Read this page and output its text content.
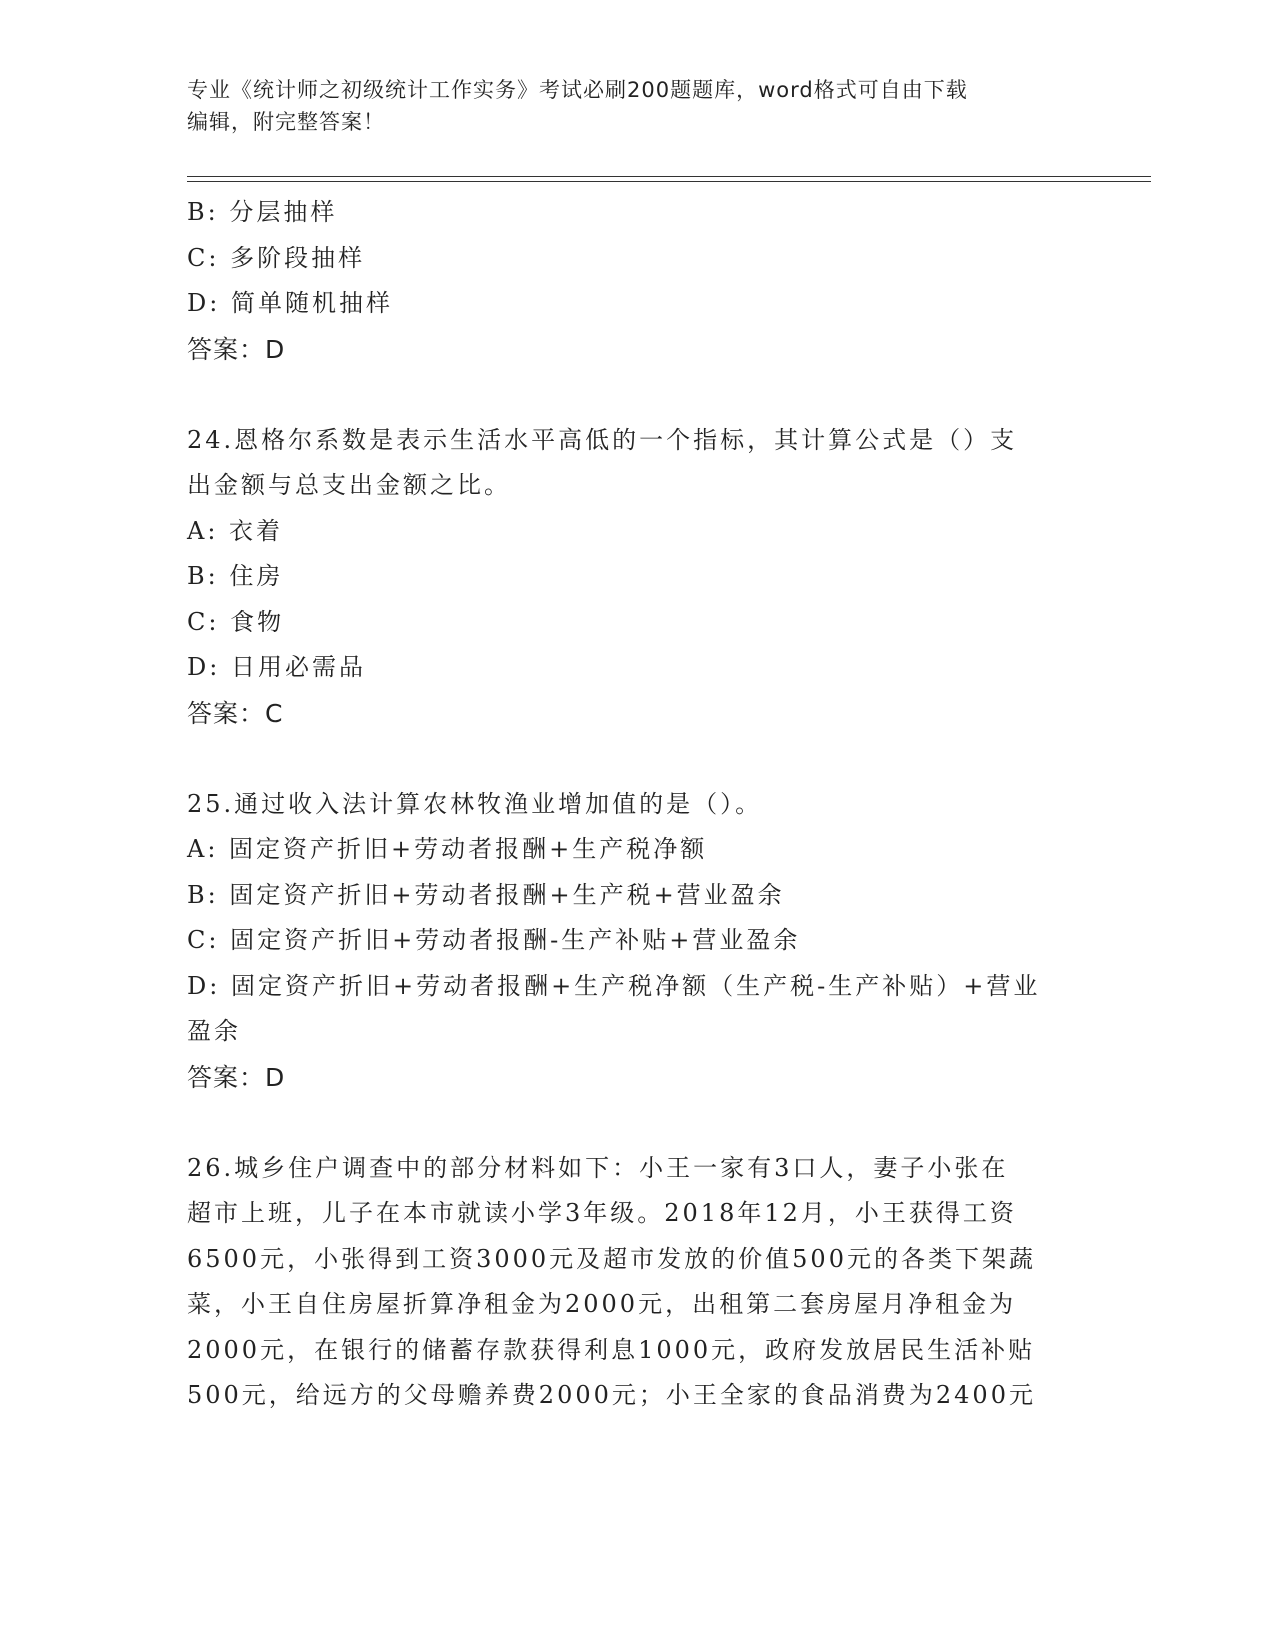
专业《统计师之初级统计工作实务》考试必刷200题题库，word格式可自由下载
编辑，附完整答案！
B: 分层抽样
C: 多阶段抽样
D: 简单随机抽样
答案：D
24.恩格尔系数是表示生活水平高低的一个指标，其计算公式是（）支
出金额与总支出金额之比。
A: 衣着
B: 住房
C: 食物
D: 日用必需品
答案：C
25.通过收入法计算农林牧渔业增加值的是（）。
A: 固定资产折旧+劳动者报酬+生产税净额
B: 固定资产折旧+劳动者报酬+生产税+营业盈余
C: 固定资产折旧+劳动者报酬-生产补贴+营业盈余
D: 固定资产折旧+劳动者报酬+生产税净额（生产税-生产补贴）+营业
盈余
答案：D
26.城乡住户调查中的部分材料如下：小王一家有3口人，妻子小张在
超市上班，儿子在本市就读小学3年级。2018年12月，小王获得工资
6500元，小张得到工资3000元及超市发放的价值500元的各类下架蔬
菜，小王自住房屋折算净租金为2000元，出租第二套房屋月净租金为
2000元，在银行的储蓄存款获得利息1000元，政府发放居民生活补贴
500元，给远方的父母赡养费2000元；小王全家的食品消费为2400元
